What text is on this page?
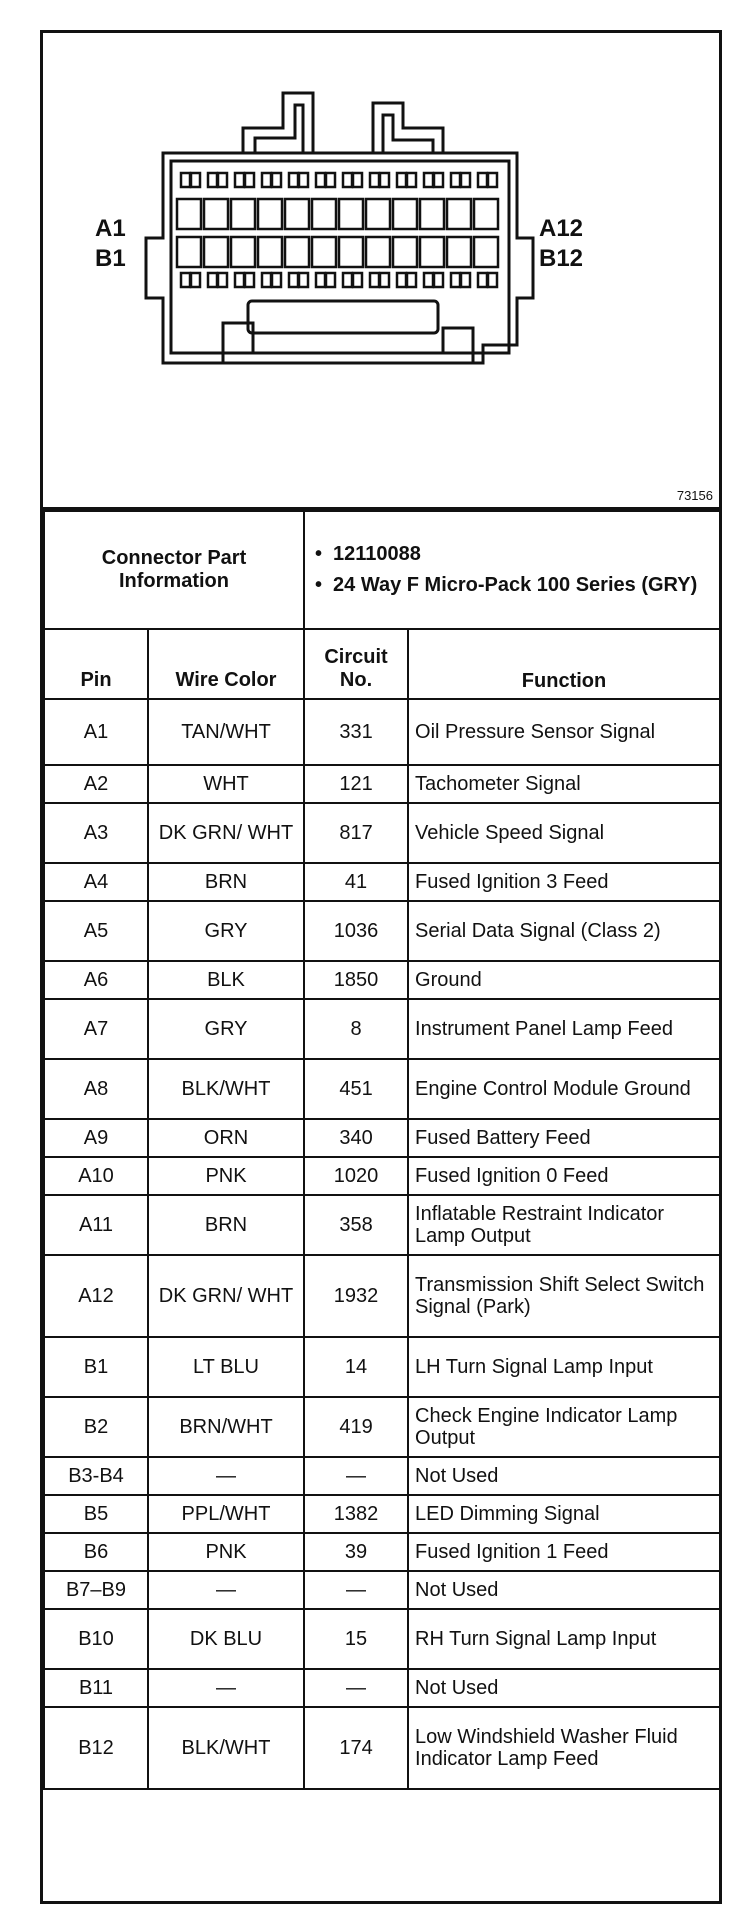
A1
B1
A12
B12
73156
Connector Part Information		• 12110088
• 24 Way F Micro-Pack 100 Series (GRY)

Pin	Wire Color	Circuit No.	Function
A1	TAN/WHT	331	Oil Pressure Sensor Signal
A2	WHT	121	Tachometer Signal
A3	DK GRN/ WHT	817	Vehicle Speed Signal
A4	BRN	41	Fused Ignition 3 Feed
A5	GRY	1036	Serial Data Signal (Class 2)
A6	BLK	1850	Ground
A7	GRY	8	Instrument Panel Lamp Feed
A8	BLK/WHT	451	Engine Control Module Ground
A9	ORN	340	Fused Battery Feed
A10	PNK	1020	Fused Ignition 0 Feed
A11	BRN	358	Inflatable Restraint Indicator Lamp Output
A12	DK GRN/ WHT	1932	Transmission Shift Select Switch Signal (Park)
B1	LT BLU	14	LH Turn Signal Lamp Input
B2	BRN/WHT	419	Check Engine Indicator Lamp Output
B3-B4	—	—	Not Used
B5	PPL/WHT	1382	LED Dimming Signal
B6	PNK	39	Fused Ignition 1 Feed
B7–B9	—	—	Not Used
B10	DK BLU	15	RH Turn Signal Lamp Input
B11	—	—	Not Used
B12	BLK/WHT	174	Low Windshield Washer Fluid Indicator Lamp Feed
